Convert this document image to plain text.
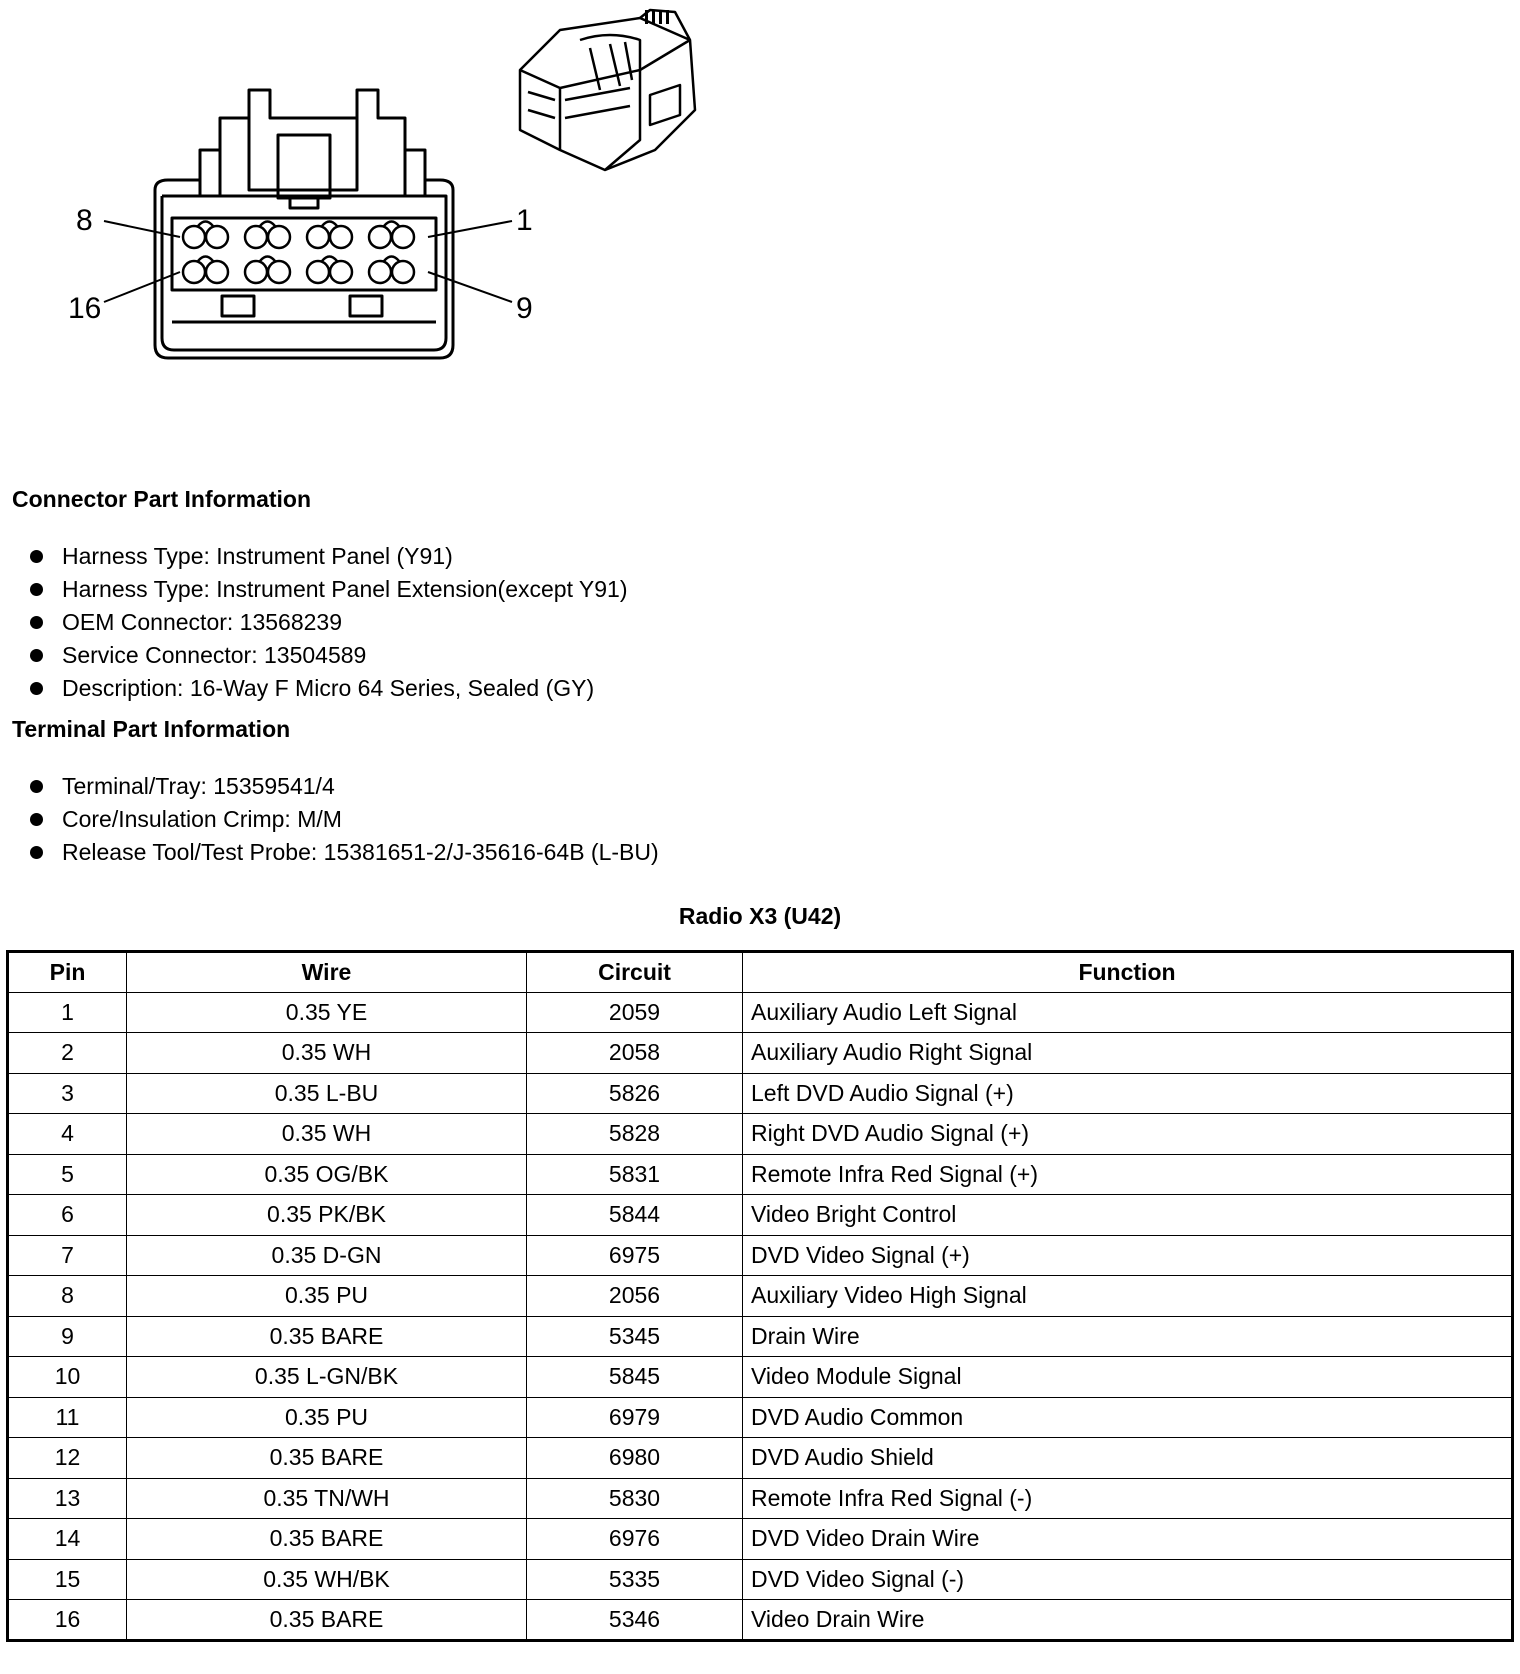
8	1
16	9
Connector Part Information
Harness Type: Instrument Panel (Y91)
Harness Type: Instrument Panel Extension(except Y91)
OEM Connector: 13568239
Service Connector: 13504589
Description: 16-Way F Micro 64 Series, Sealed (GY)
Terminal Part Information
Terminal/Tray: 15359541/4
Core/Insulation Crimp: M/M
Release Tool/Test Probe: 15381651-2/J-35616-64B (L-BU)
Radio X3 (U42)
Pin	Wire	Circuit	Function
1	0.35 YE	2059	Auxiliary Audio Left Signal
2	0.35 WH	2058	Auxiliary Audio Right Signal
3	0.35 L-BU	5826	Left DVD Audio Signal (+)
4	0.35 WH	5828	Right DVD Audio Signal (+)
5	0.35 OG/BK	5831	Remote Infra Red Signal (+)
6	0.35 PK/BK	5844	Video Bright Control
7	0.35 D-GN	6975	DVD Video Signal (+)
8	0.35 PU	2056	Auxiliary Video High Signal
9	0.35 BARE	5345	Drain Wire
10	0.35 L-GN/BK	5845	Video Module Signal
11	0.35 PU	6979	DVD Audio Common
12	0.35 BARE	6980	DVD Audio Shield
13	0.35 TN/WH	5830	Remote Infra Red Signal (-)
14	0.35 BARE	6976	DVD Video Drain Wire
15	0.35 WH/BK	5335	DVD Video Signal (-)
16	0.35 BARE	5346	Video Drain Wire
